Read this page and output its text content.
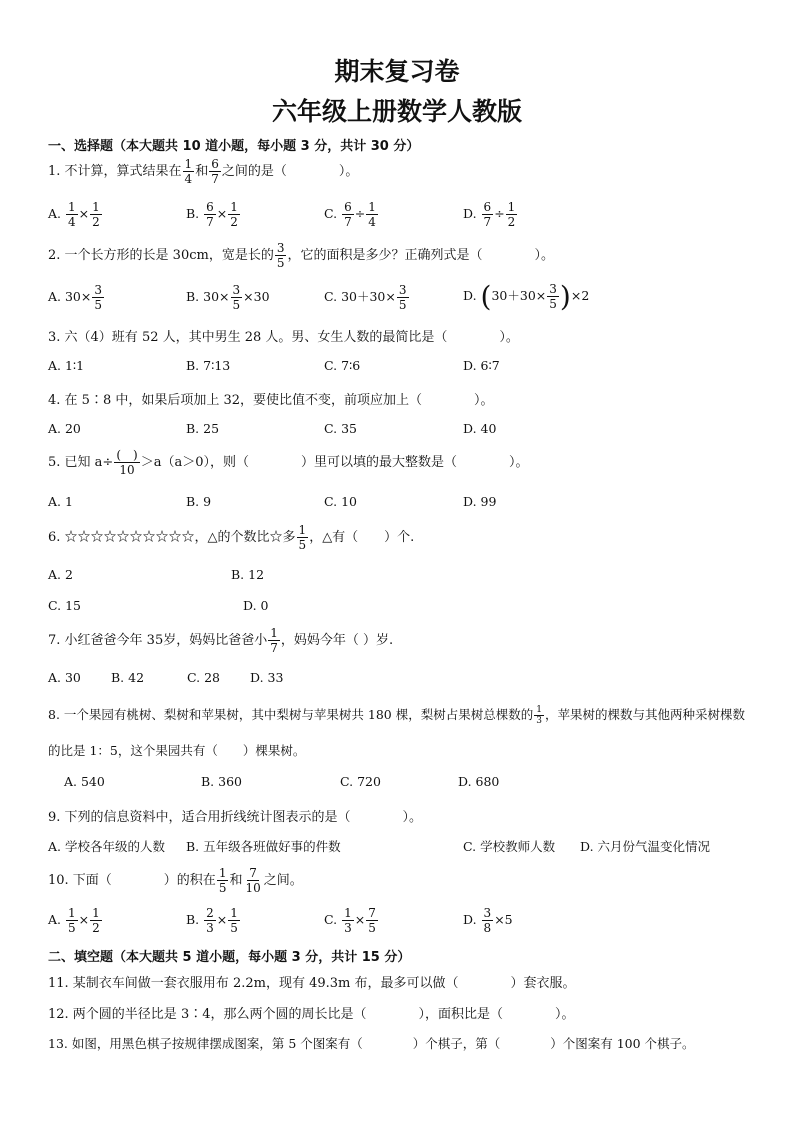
期末复习卷
六年级上册数学人教版
一、选择题（本大题共 10 道小题，每小题 3 分，共计 30 分）
1. 不计算，算式结果在 $\frac{1}{4}$ 和 $\frac{6}{7}$ 之间的是（　　　　）。
A. $\frac{1}{4} \times \frac{1}{2}$	B. $\frac{6}{7} \times \frac{1}{2}$	C. $\frac{6}{7} \div \frac{1}{4}$	D. $\frac{6}{7} \div \frac{1}{2}$
2. 一个长方形的长是 30cm，宽是长的 $\frac{3}{5}$ ，它的面积是多少？正确列式是（　　　　）。
A. $30\times \frac{3}{5}$	B. $30\times \frac{3}{5} \times 30$	C. $30+30\times \frac{3}{5}$	D. $(30+30\times \frac{3}{5} )\times 2$
3. 六（4）班有 52 人，其中男生 28 人。男、女生人数的最简比是（　　　　）。
A. 1∶1	B. 7∶13	C. 7∶6	D. 6∶7
4. 在 5∶8 中，如果后项加上 32，要使比值不变，前项应加上（　　　　）。
A. 20	B. 25	C. 35	D. 40
5. 已知 $a\div \frac{( )}{10} >a(a>0)$，则（　　　　）里可以填的最大整数是（　　　　）。
A. 1	B. 9	C. 10	D. 99
6. ☆☆☆☆☆☆☆☆☆☆，△的个数比☆多 $\frac{1}{5}$ ，△有（　　）个.
A. 2	B. 12
C. 15	D. 0
7. 小红爸爸今年 35岁，妈妈比爸爸小 $\frac{1}{7}$ ，妈妈今年（ ）岁.
A. 30 B. 42	C. 28 D. 33
8. 一个果园有桃树、梨树和苹果树，其中梨树与苹果树共 180 棵，梨树占果树总棵数的 $\frac{1}{3}$ ，苹果树的棵数与其他两种采树棵数的比是 1：5，这个果园共有（　　）棵果树。
A. 540	B. 360	C. 720	D. 680
9. 下列的信息资料中，适合用折线统计图表示的是（　　　　）。
A. 学校各年级的人数 B. 五年级各班做好事的件数	C. 学校教师人数 D. 六月份气温变化情况
10. 下面（　　　　）的积在 $\frac{1}{5}$ 和 $\frac{7}{10}$ 之间。
A. $\frac{1}{5} \times \frac{1}{2}$	B. $\frac{2}{3} \times \frac{1}{5}$	C. $\frac{1}{3} \times \frac{7}{5}$	D. $\frac{3}{8} \times 5$
二、填空题（本大题共 5 道小题，每小题 3 分，共计 15 分）
11. 某制衣车间做一套衣服用布 2.2m，现有 49.3m 布，最多可以做（　　　　）套衣服。
12. 两个圆的半径比是 3∶4，那么两个圆的周长比是（　　　　），面积比是（　　　　）。
13. 如图，用黑色棋子按规律摆成图案，第 5 个图案有（　　　　）个棋子，第（　　　　）个图案有 100 个棋子。
